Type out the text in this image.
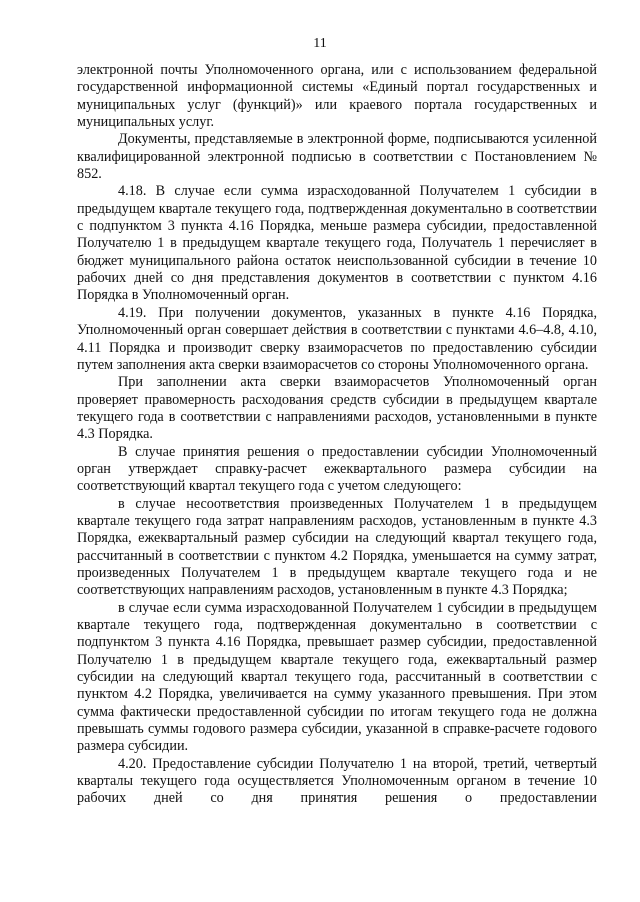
11

электронной почты Уполномоченного органа, или с использованием федеральной государственной информационной системы «Единый портал государственных и муниципальных услуг (функций)» или краевого портала государственных и муниципальных услуг.

Документы, представляемые в электронной форме, подписываются усиленной квалифицированной электронной подписью в соответствии с Постановлением № 852.

4.18. В случае если сумма израсходованной Получателем 1 субсидии в предыдущем квартале текущего года, подтвержденная документально в соответствии с подпунктом 3 пункта 4.16 Порядка, меньше размера субсидии, предоставленной Получателю 1 в предыдущем квартале текущего года, Получатель 1 перечисляет в бюджет муниципального района остаток неиспользованной субсидии в течение 10 рабочих дней со дня представления документов в соответствии с пунктом 4.16 Порядка в Уполномоченный орган.

4.19. При получении документов, указанных в пункте 4.16 Порядка, Уполномоченный орган совершает действия в соответствии с пунктами 4.6–4.8, 4.10, 4.11 Порядка и производит сверку взаиморасчетов по предоставлению субсидии путем заполнения акта сверки взаиморасчетов со стороны Уполномоченного органа.

При заполнении акта сверки взаиморасчетов Уполномоченный орган проверяет правомерность расходования средств субсидии в предыдущем квартале текущего года в соответствии с направлениями расходов, установленными в пункте 4.3 Порядка.

В случае принятия решения о предоставлении субсидии Уполномоченный орган утверждает справку-расчет ежеквартального размера субсидии на соответствующий квартал текущего года с учетом следующего:

в случае несоответствия произведенных Получателем 1 в предыдущем квартале текущего года затрат направлениям расходов, установленным в пункте 4.3 Порядка, ежеквартальный размер субсидии на следующий квартал текущего года, рассчитанный в соответствии с пунктом 4.2 Порядка, уменьшается на сумму затрат, произведенных Получателем 1 в предыдущем квартале текущего года и не соответствующих направлениям расходов, установленным в пункте 4.3 Порядка;

в случае если сумма израсходованной Получателем 1 субсидии в предыдущем квартале текущего года, подтвержденная документально в соответствии с подпунктом 3 пункта 4.16 Порядка, превышает размер субсидии, предоставленной Получателю 1 в предыдущем квартале текущего года, ежеквартальный размер субсидии на следующий квартал текущего года, рассчитанный в соответствии с пунктом 4.2 Порядка, увеличивается на сумму указанного превышения. При этом сумма фактически предоставленной субсидии по итогам текущего года не должна превышать суммы годового размера субсидии, указанной в справке-расчете годового размера субсидии.

4.20. Предоставление субсидии Получателю 1 на второй, третий, четвертый кварталы текущего года осуществляется Уполномоченным органом в течение 10 рабочих дней со дня принятия решения о предоставлении
